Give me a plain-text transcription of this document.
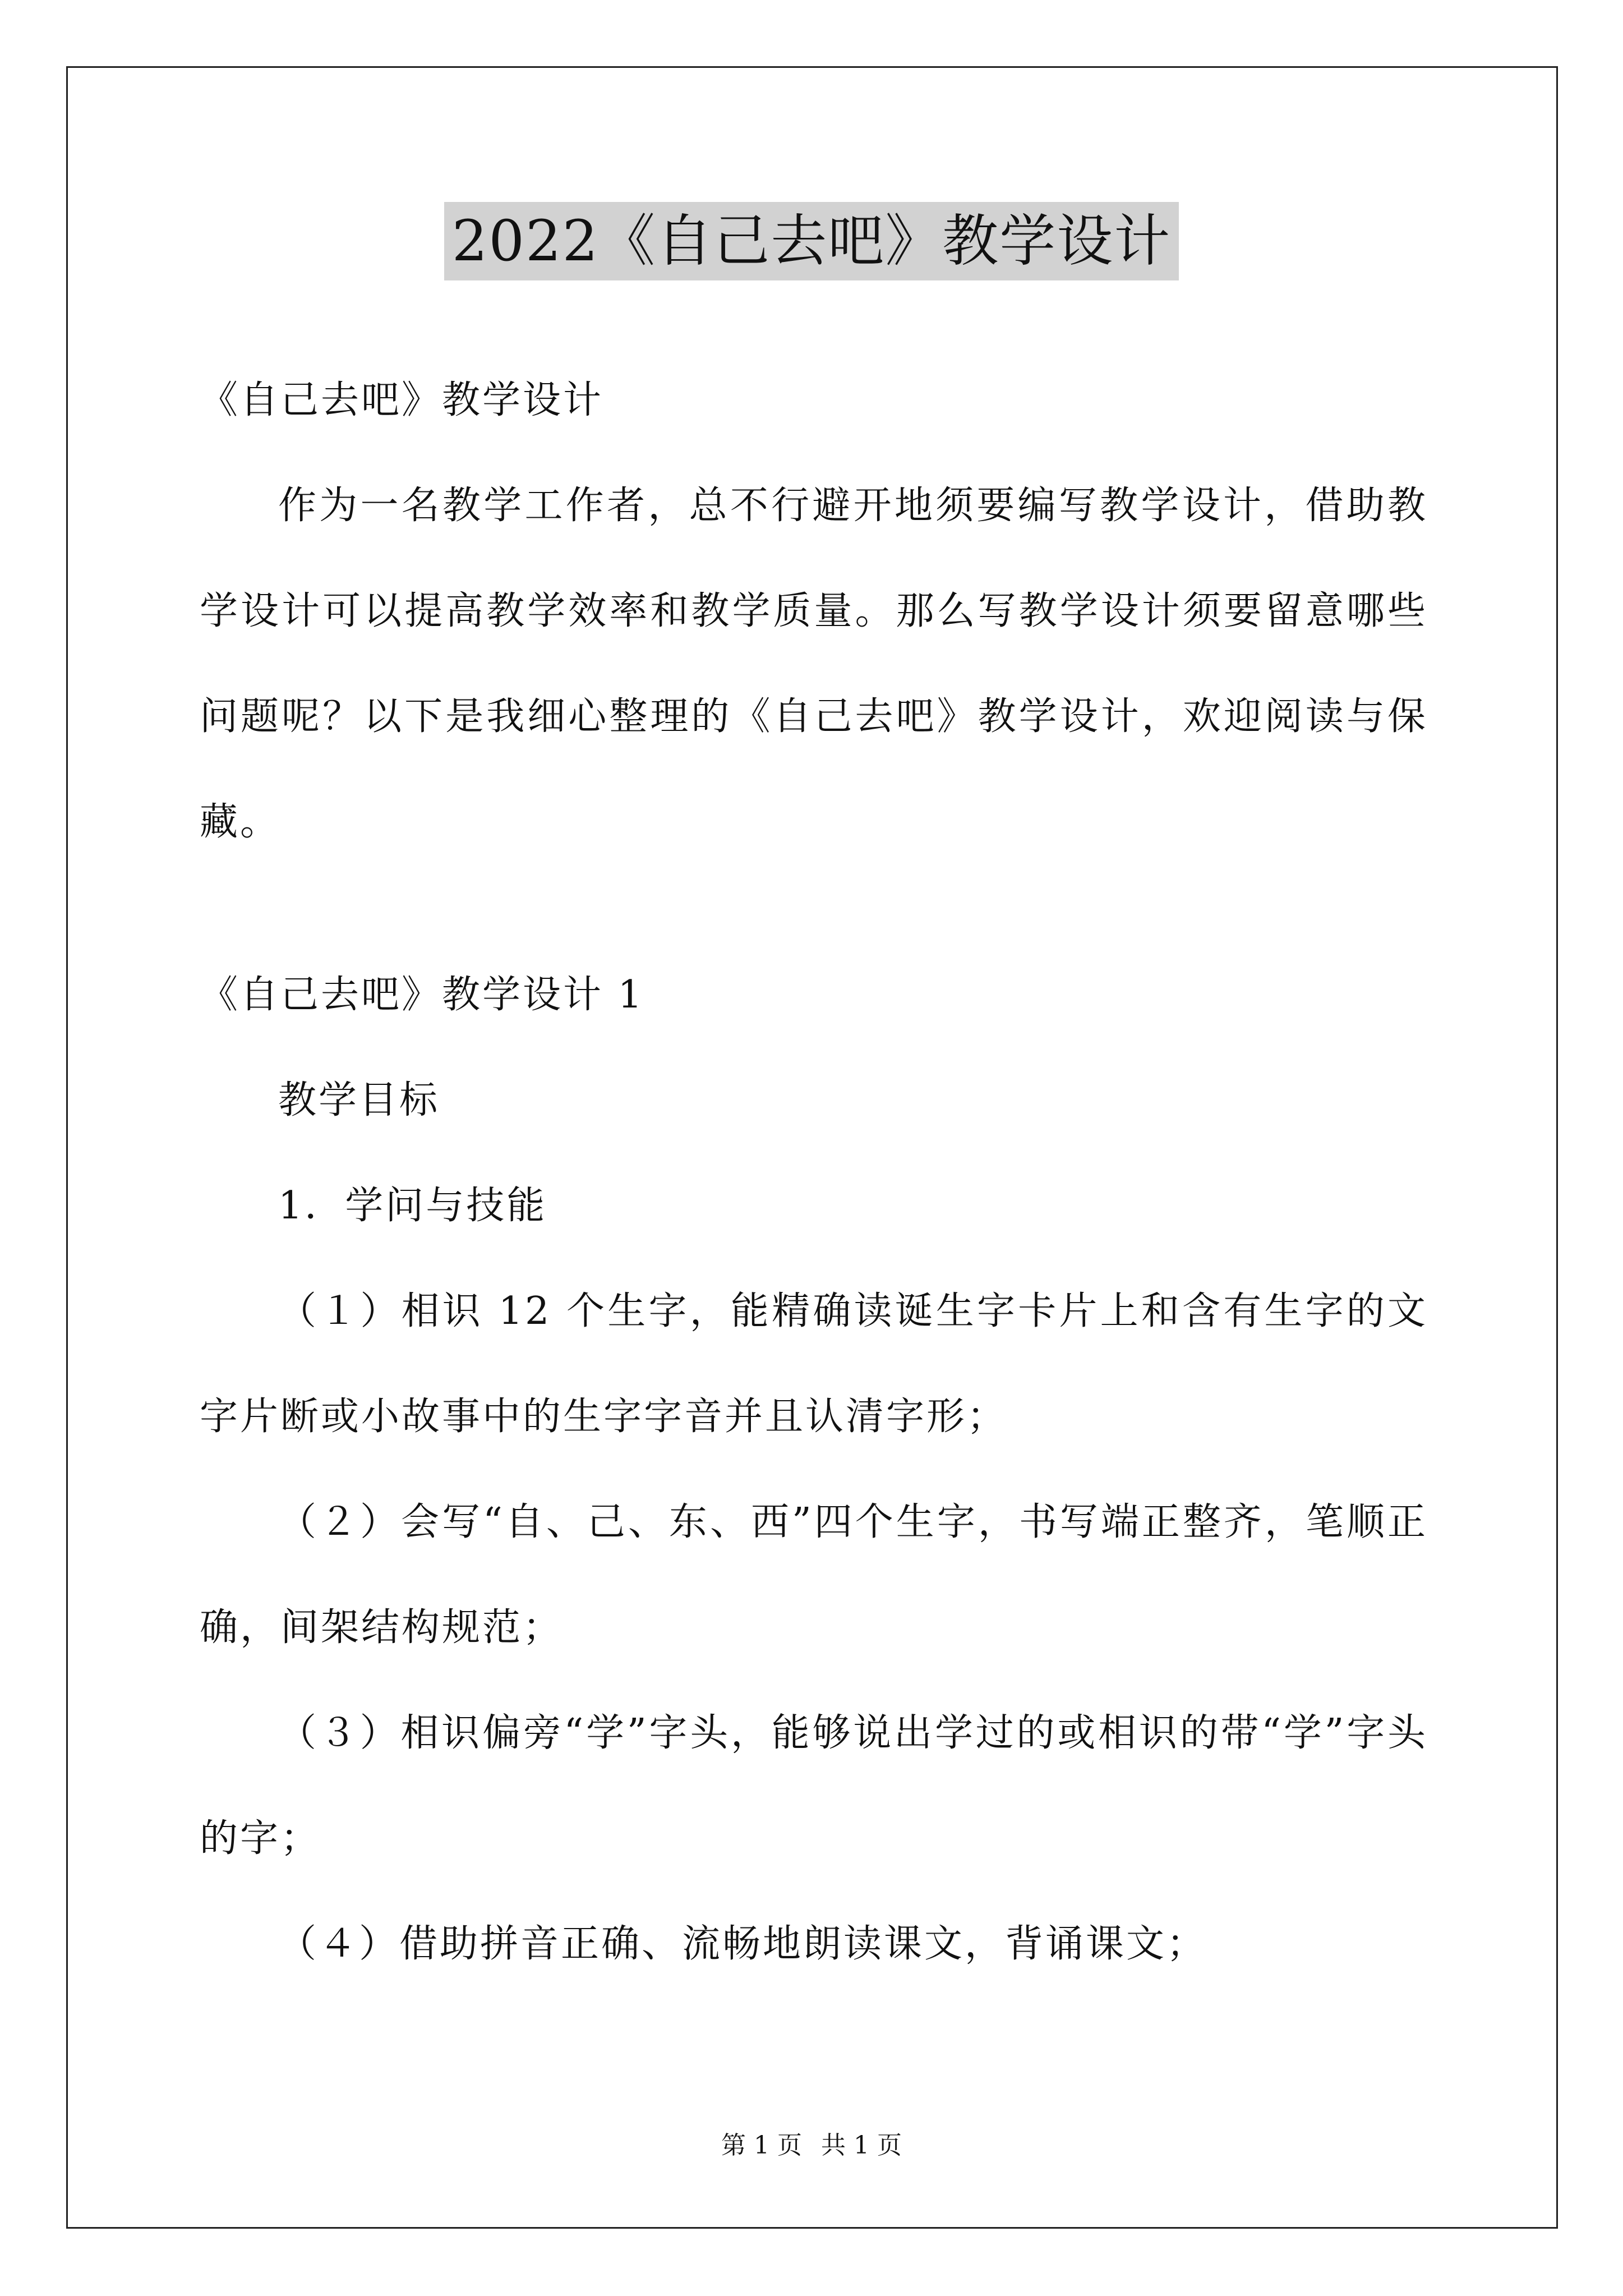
2022《自己去吧》教学设计
《自己去吧》教学设计
作为一名教学工作者，总不行避开地须要编写教学设计，借助教学设计可以提高教学效率和教学质量。那么写教学设计须要留意哪些问题呢？以下是我细心整理的《自己去吧》教学设计，欢迎阅读与保藏。
《自己去吧》教学设计 1
教学目标
1．学问与技能
（１）相识 12 个生字，能精确读诞生字卡片上和含有生字的文字片断或小故事中的生字字音并且认清字形；
（２）会写“自、己、东、西”四个生字，书写端正整齐，笔顺正确，间架结构规范；
（３）相识偏旁“学”字头，能够说出学过的或相识的带“学”字头的字；
（４）借助拼音正确、流畅地朗读课文，背诵课文；
第 1 页 共 1 页
